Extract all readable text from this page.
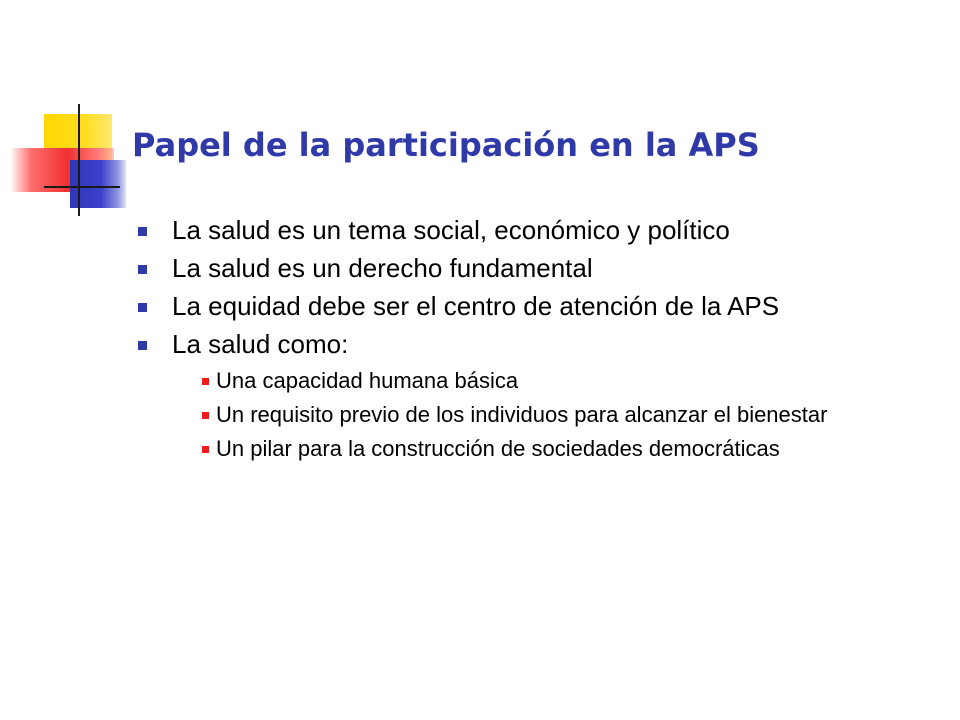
Papel de la participación en la APS
La salud es un tema social, económico y político
La salud es un derecho fundamental
La equidad debe ser el centro de atención de la APS
La salud como:
Una capacidad humana básica
Un requisito previo de los individuos para alcanzar el bienestar
Un pilar para la construcción de sociedades democráticas
